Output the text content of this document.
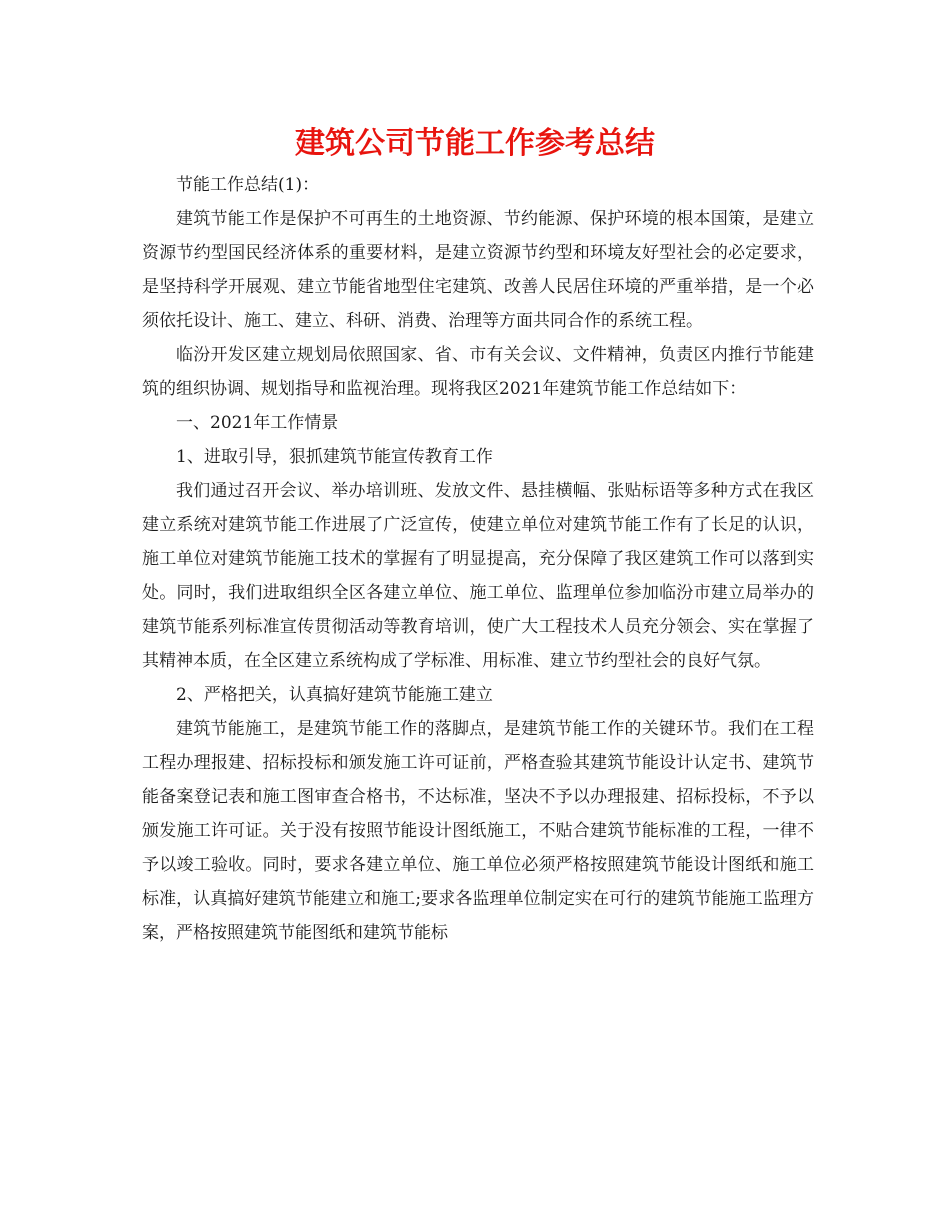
建筑公司节能工作参考总结

节能工作总结(1)：

建筑节能工作是保护不可再生的土地资源、节约能源、保护环境的根本国策，是建立资源节约型国民经济体系的重要材料，是建立资源节约型和环境友好型社会的必定要求，是坚持科学开展观、建立节能省地型住宅建筑、改善人民居住环境的严重举措，是一个必须依托设计、施工、建立、科研、消费、治理等方面共同合作的系统工程。

临汾开发区建立规划局依照国家、省、市有关会议、文件精神，负责区内推行节能建筑的组织协调、规划指导和监视治理。现将我区2021年建筑节能工作总结如下：

一、2021年工作情景

1、进取引导，狠抓建筑节能宣传教育工作

我们通过召开会议、举办培训班、发放文件、悬挂横幅、张贴标语等多种方式在我区建立系统对建筑节能工作进展了广泛宣传，使建立单位对建筑节能工作有了长足的认识，施工单位对建筑节能施工技术的掌握有了明显提高，充分保障了我区建筑工作可以落到实处。同时，我们进取组织全区各建立单位、施工单位、监理单位参加临汾市建立局举办的建筑节能系列标准宣传贯彻活动等教育培训，使广大工程技术人员充分领会、实在掌握了其精神本质，在全区建立系统构成了学标准、用标准、建立节约型社会的良好气氛。

2、严格把关，认真搞好建筑节能施工建立

建筑节能施工，是建筑节能工作的落脚点，是建筑节能工作的关键环节。我们在工程工程办理报建、招标投标和颁发施工许可证前，严格查验其建筑节能设计认定书、建筑节能备案登记表和施工图审查合格书，不达标准，坚决不予以办理报建、招标投标，不予以颁发施工许可证。关于没有按照节能设计图纸施工，不贴合建筑节能标准的工程，一律不予以竣工验收。同时，要求各建立单位、施工单位必须严格按照建筑节能设计图纸和施工标准，认真搞好建筑节能建立和施工;要求各监理单位制定实在可行的建筑节能施工监理方案，严格按照建筑节能图纸和建筑节能标
